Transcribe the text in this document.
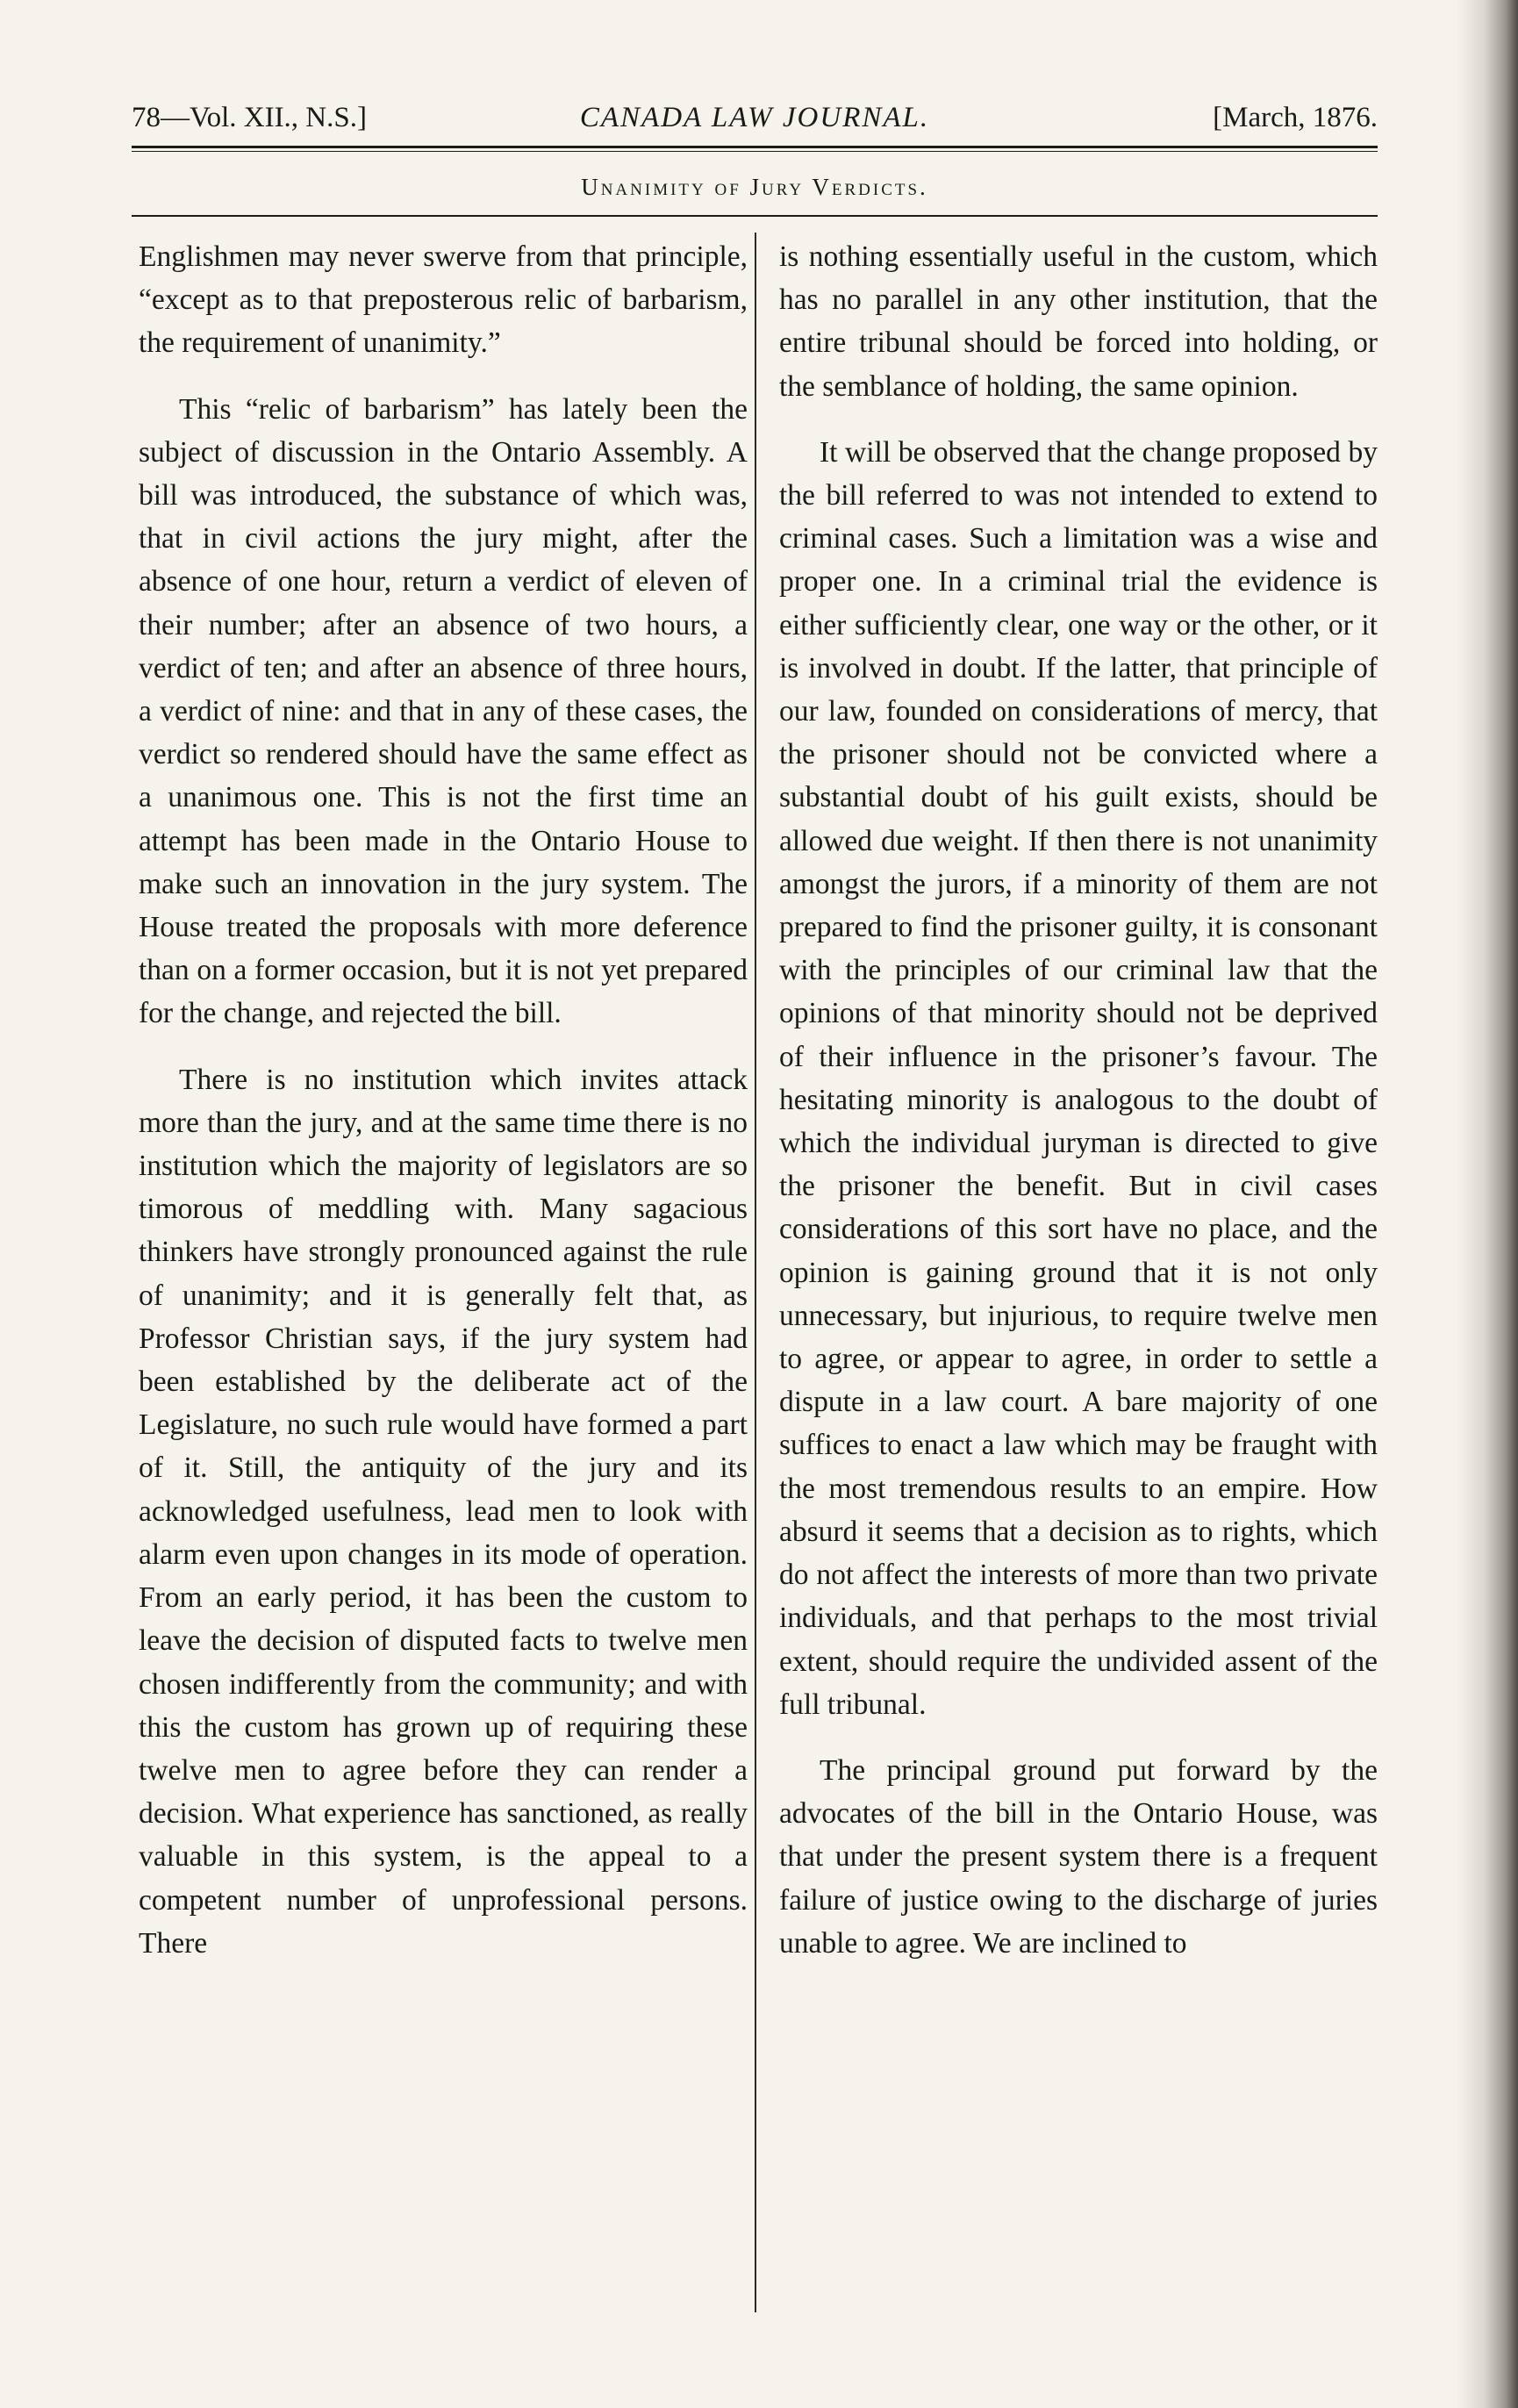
78—Vol. XII., N.S.]	CANADA LAW JOURNAL.	[March, 1876.
Unanimity of Jury Verdicts.

Englishmen may never swerve from that principle, “except as to that preposterous relic of barbarism, the requirement of unanimity.”

This “relic of barbarism” has lately been the subject of discussion in the Ontario Assembly. A bill was introduced, the substance of which was, that in civil actions the jury might, after the absence of one hour, return a verdict of eleven of their number; after an absence of two hours, a verdict of ten; and after an absence of three hours, a verdict of nine: and that in any of these cases, the verdict so rendered should have the same effect as a unanimous one. This is not the first time an attempt has been made in the Ontario House to make such an innovation in the jury system. The House treated the proposals with more deference than on a former occasion, but it is not yet prepared for the change, and rejected the bill.

There is no institution which invites attack more than the jury, and at the same time there is no institution which the majority of legislators are so timorous of meddling with. Many sagacious thinkers have strongly pronounced against the rule of unanimity; and it is generally felt that, as Professor Christian says, if the jury system had been established by the deliberate act of the Legislature, no such rule would have formed a part of it. Still, the antiquity of the jury and its acknowledged usefulness, lead men to look with alarm even upon changes in its mode of operation. From an early period, it has been the custom to leave the decision of disputed facts to twelve men chosen indifferently from the community; and with this the custom has grown up of requiring these twelve men to agree before they can render a decision. What experience has sanctioned, as really valuable in this system, is the appeal to a competent number of unprofessional persons. There

is nothing essentially useful in the custom, which has no parallel in any other institution, that the entire tribunal should be forced into holding, or the semblance of holding, the same opinion.

It will be observed that the change proposed by the bill referred to was not intended to extend to criminal cases. Such a limitation was a wise and proper one. In a criminal trial the evidence is either sufficiently clear, one way or the other, or it is involved in doubt. If the latter, that principle of our law, founded on considerations of mercy, that the prisoner should not be convicted where a substantial doubt of his guilt exists, should be allowed due weight. If then there is not unanimity amongst the jurors, if a minority of them are not prepared to find the prisoner guilty, it is consonant with the principles of our criminal law that the opinions of that minority should not be deprived of their influence in the prisoner’s favour. The hesitating minority is analogous to the doubt of which the individual juryman is directed to give the prisoner the benefit. But in civil cases considerations of this sort have no place, and the opinion is gaining ground that it is not only unnecessary, but injurious, to require twelve men to agree, or appear to agree, in order to settle a dispute in a law court. A bare majority of one suffices to enact a law which may be fraught with the most tremendous results to an empire. How absurd it seems that a decision as to rights, which do not affect the interests of more than two private individuals, and that perhaps to the most trivial extent, should require the undivided assent of the full tribunal.

The principal ground put forward by the advocates of the bill in the Ontario House, was that under the present system there is a frequent failure of justice owing to the discharge of juries unable to agree. We are inclined to
